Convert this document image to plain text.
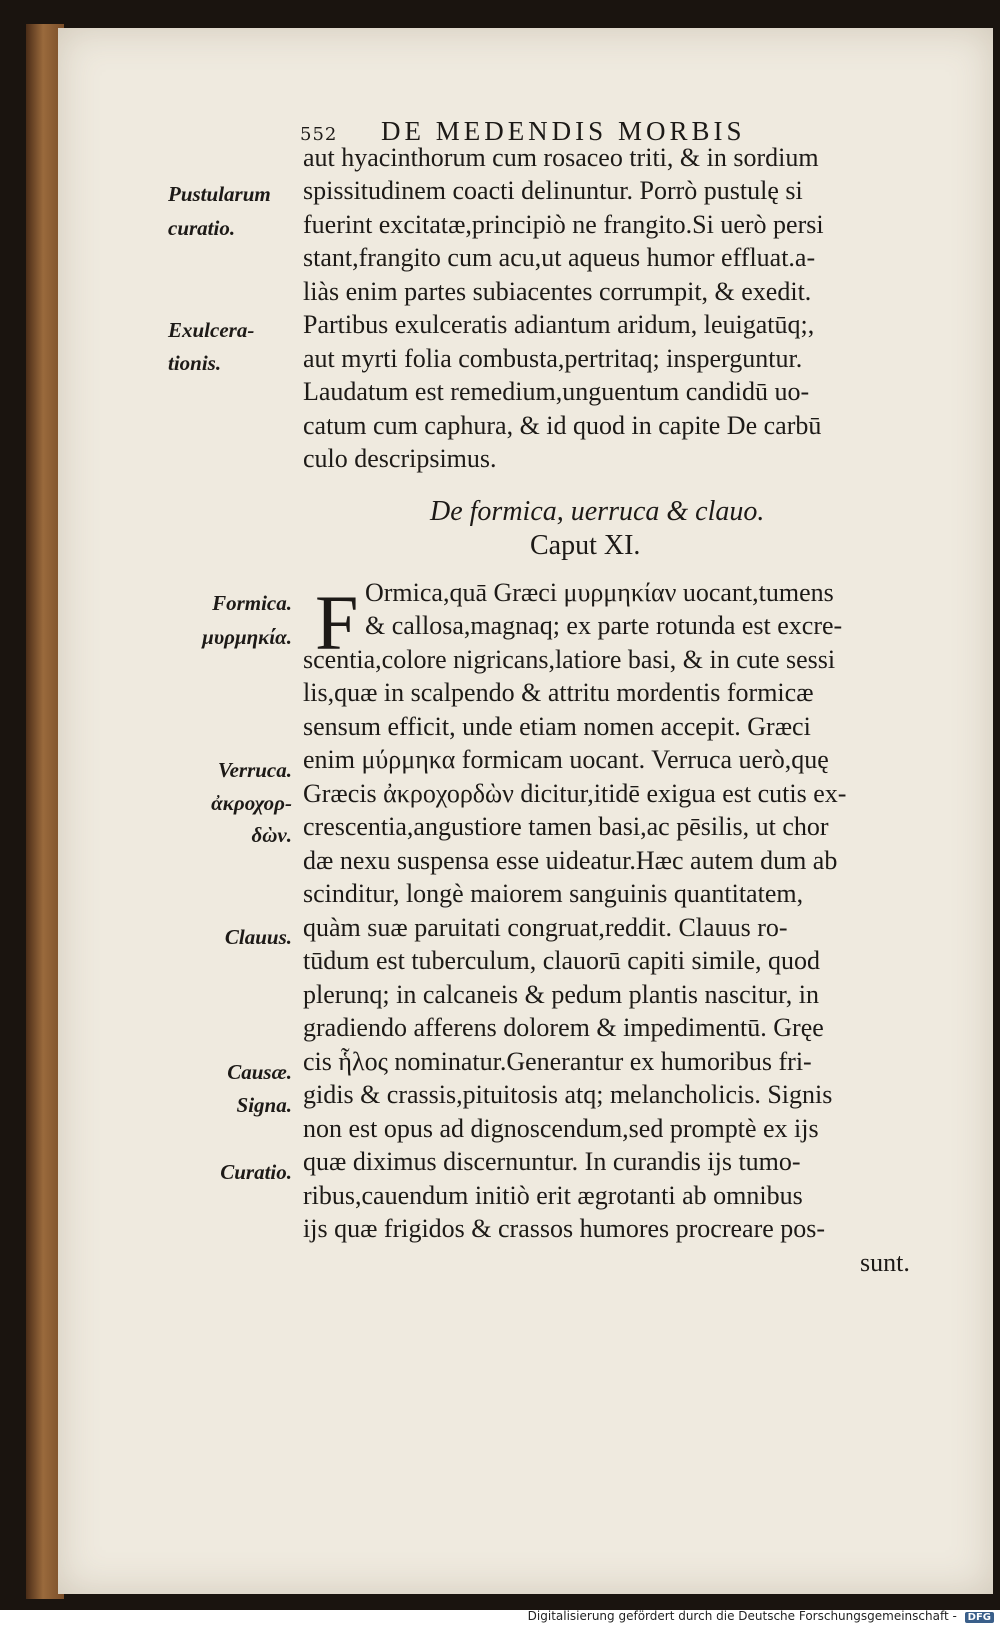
552 DE MEDENDIS MORBIS
aut hyacinthorum cum rosaceo triti, & in sordium
spissitudinem coacti delinuntur. Porrò pustulę si
fuerint excitatæ,principiò ne frangito.Si uerò persi
stant,frangito cum acu,ut aqueus humor effluat.a-
liàs enim partes subiacentes corrumpit, & exedit.
Partibus exulceratis adiantum aridum, leuigatūq;,
aut myrti folia combusta,pertritaq; insperguntur.
Laudatum est remedium,unguentum candidū uo-
catum cum caphura, & id quod in capite De carbū
culo descripsimus.
Pustularum
curatio.
Exulcera-
tionis.
De formica, uerruca & clauo.
Caput XI.
F Ormica,quā Græci μυρμηκίαν uocant,tumens
& callosa,magnaq; ex parte rotunda est excre-
scentia,colore nigricans,latiore basi, & in cute sessi
lis,quæ in scalpendo & attritu mordentis formicæ
sensum efficit, unde etiam nomen accepit. Græci
enim μύρμηκα formicam uocant. Verruca uerò,quę
Græcis ἀκροχορδὼν dicitur,itidē exigua est cutis ex-
crescentia,angustiore tamen basi,ac pēsilis, ut chor
dæ nexu suspensa esse uideatur.Hæc autem dum ab
scinditur, longè maiorem sanguinis quantitatem,
quàm suæ paruitati congruat,reddit. Clauus ro-
tūdum est tuberculum, clauorū capiti simile, quod
plerunq; in calcaneis & pedum plantis nascitur, in
gradiendo afferens dolorem & impedimentū. Gręe
cis ἧλος nominatur.Generantur ex humoribus fri-
gidis & crassis,pituitosis atq; melancholicis. Signis
non est opus ad dignoscendum,sed promptè ex ijs
quæ diximus discernuntur. In curandis ijs tumo-
ribus,cauendum initiò erit ægrotanti ab omnibus
ijs quæ frigidos & crassos humores procreare pos-
sunt.
Formica.
μυρμηκία.
Verruca.
ἀκροχορ-
δὼν.
Clauus.
Causæ.
Signa.
Curatio.
Digitalisierung gefördert durch die Deutsche Forschungsgemeinschaft - DFG
